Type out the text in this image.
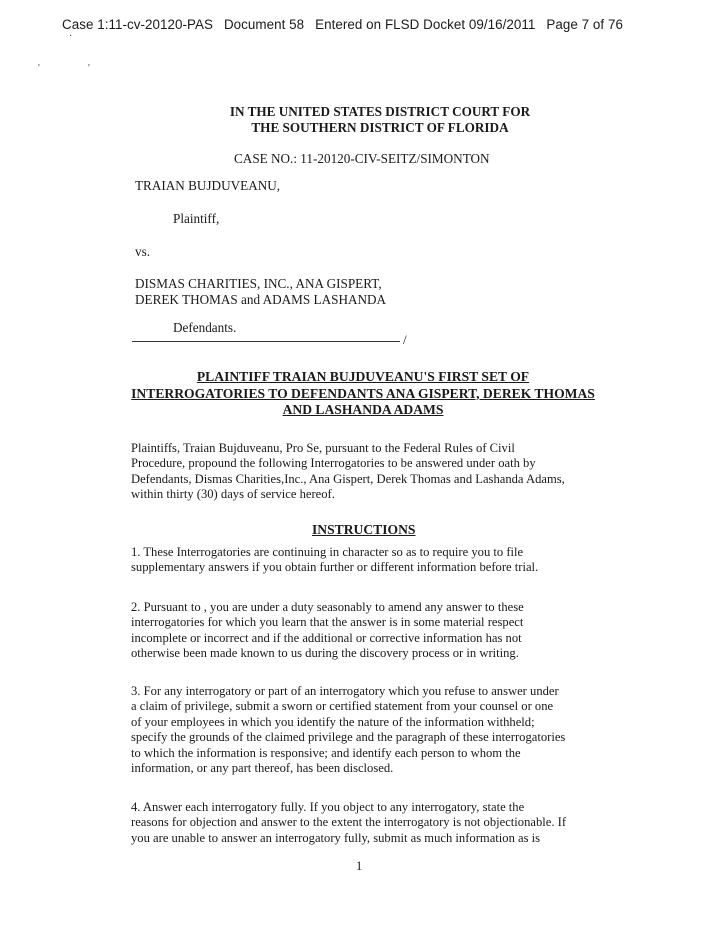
Case 1:11-cv-20120-PAS Document 58 Entered on FLSD Docket 09/16/2011 Page 7 of 76
·
'	'
IN THE UNITED STATES DISTRICT COURT FOR
THE SOUTHERN DISTRICT OF FLORIDA
CASE NO.: 11-20120-CIV-SEITZ/SIMONTON
TRAIAN BUJDUVEANU,
Plaintiff,
vs.
DISMAS CHARITIES, INC., ANA GISPERT,
DEREK THOMAS and ADAMS LASHANDA
Defendants.
/
PLAINTIFF TRAIAN BUJDUVEANU'S FIRST SET OF
INTERROGATORIES TO DEFENDANTS ANA GISPERT, DEREK THOMAS
AND LASHANDA ADAMS
Plaintiffs, Traian Bujduveanu, Pro Se, pursuant to the Federal Rules of Civil
Procedure, propound the following Interrogatories to be answered under oath by
Defendants, Dismas Charities,Inc., Ana Gispert, Derek Thomas and Lashanda Adams,
within thirty (30) days of service hereof.
INSTRUCTIONS
1. These Interrogatories are continuing in character so as to require you to file
supplementary answers if you obtain further or different information before trial.
2. Pursuant to , you are under a duty seasonably to amend any answer to these
interrogatories for which you learn that the answer is in some material respect
incomplete or incorrect and if the additional or corrective information has not
otherwise been made known to us during the discovery process or in writing.
3. For any interrogatory or part of an interrogatory which you refuse to answer under
a claim of privilege, submit a sworn or certified statement from your counsel or one
of your employees in which you identify the nature of the information withheld;
specify the grounds of the claimed privilege and the paragraph of these interrogatories
to which the information is responsive; and identify each person to whom the
information, or any part thereof, has been disclosed.
4. Answer each interrogatory fully. If you object to any interrogatory, state the
reasons for objection and answer to the extent the interrogatory is not objectionable. If
you are unable to answer an interrogatory fully, submit as much information as is
1
